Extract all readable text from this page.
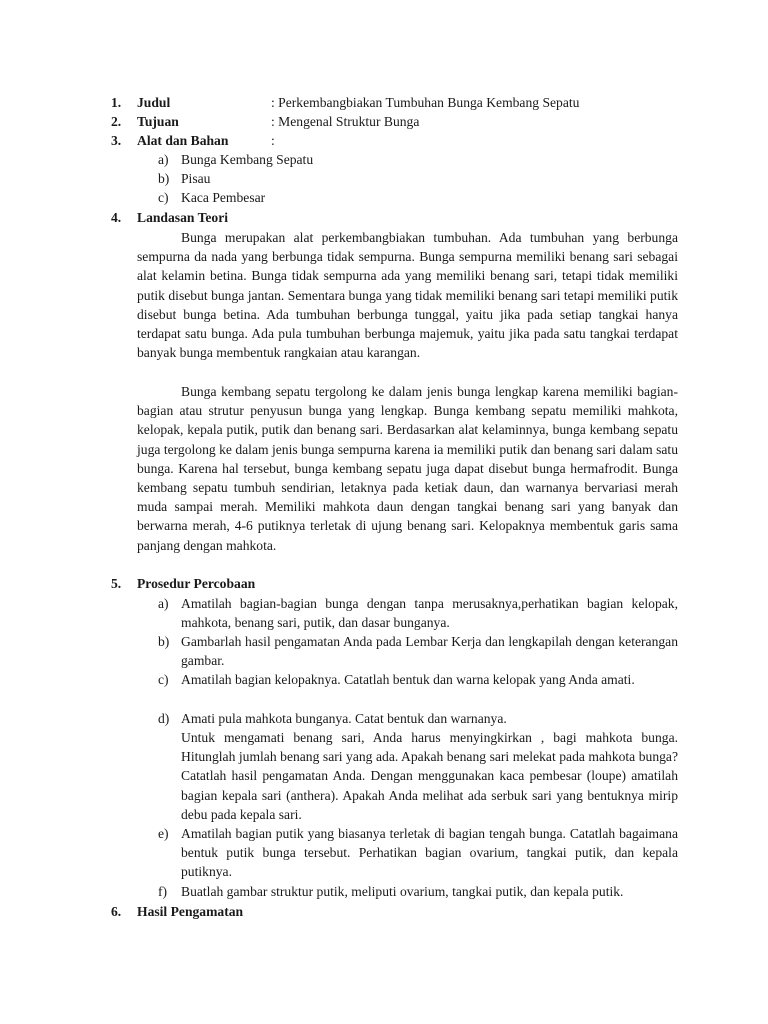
1. Judul	: Perkembangbiakan Tumbuhan Bunga Kembang Sepatu
2. Tujuan	: Mengenal Struktur Bunga
3. Alat dan Bahan	:
a) Bunga Kembang Sepatu
b) Pisau
c) Kaca Pembesar
4. Landasan Teori
Bunga merupakan alat perkembangbiakan tumbuhan. Ada tumbuhan yang berbunga sempurna da nada yang berbunga tidak sempurna. Bunga sempurna memiliki benang sari sebagai alat kelamin betina. Bunga tidak sempurna ada yang memiliki benang sari, tetapi tidak memiliki putik disebut bunga jantan. Sementara bunga yang tidak memiliki benang sari tetapi memiliki putik disebut bunga betina. Ada tumbuhan berbunga tunggal, yaitu jika pada setiap tangkai hanya terdapat satu bunga. Ada pula tumbuhan berbunga majemuk, yaitu jika pada satu tangkai terdapat banyak bunga membentuk rangkaian atau karangan.
Bunga kembang sepatu tergolong ke dalam jenis bunga lengkap karena memiliki bagian-bagian atau strutur penyusun bunga yang lengkap. Bunga kembang sepatu memiliki mahkota, kelopak, kepala putik, putik dan benang sari. Berdasarkan alat kelaminnya, bunga kembang sepatu juga tergolong ke dalam jenis bunga sempurna karena ia memiliki putik dan benang sari dalam satu bunga. Karena hal tersebut, bunga kembang sepatu juga dapat disebut bunga hermafrodit. Bunga kembang sepatu tumbuh sendirian, letaknya pada ketiak daun, dan warnanya bervariasi merah muda sampai merah. Memiliki mahkota daun dengan tangkai benang sari yang banyak dan berwarna merah, 4-6 putiknya terletak di ujung benang sari. Kelopaknya membentuk garis sama panjang dengan mahkota.
5. Prosedur Percobaan
a) Amatilah bagian-bagian bunga dengan tanpa merusaknya,perhatikan bagian kelopak, mahkota, benang sari, putik, dan dasar bunganya.
b) Gambarlah hasil pengamatan Anda pada Lembar Kerja dan lengkapilah dengan keterangan gambar.
c) Amatilah bagian kelopaknya. Catatlah bentuk dan warna kelopak yang Anda amati.
d) Amati pula mahkota bunganya. Catat bentuk dan warnanya.
Untuk mengamati benang sari, Anda harus menyingkirkan , bagi mahkota bunga. Hitunglah jumlah benang sari yang ada. Apakah benang sari melekat pada mahkota bunga? Catatlah hasil pengamatan Anda. Dengan menggunakan kaca pembesar (loupe) amatilah bagian kepala sari (anthera). Apakah Anda melihat ada serbuk sari yang bentuknya mirip debu pada kepala sari.
e) Amatilah bagian putik yang biasanya terletak di bagian tengah bunga. Catatlah bagaimana bentuk putik bunga tersebut. Perhatikan bagian ovarium, tangkai putik, dan kepala putiknya.
f) Buatlah gambar struktur putik, meliputi ovarium, tangkai putik, dan kepala putik.
6. Hasil Pengamatan
